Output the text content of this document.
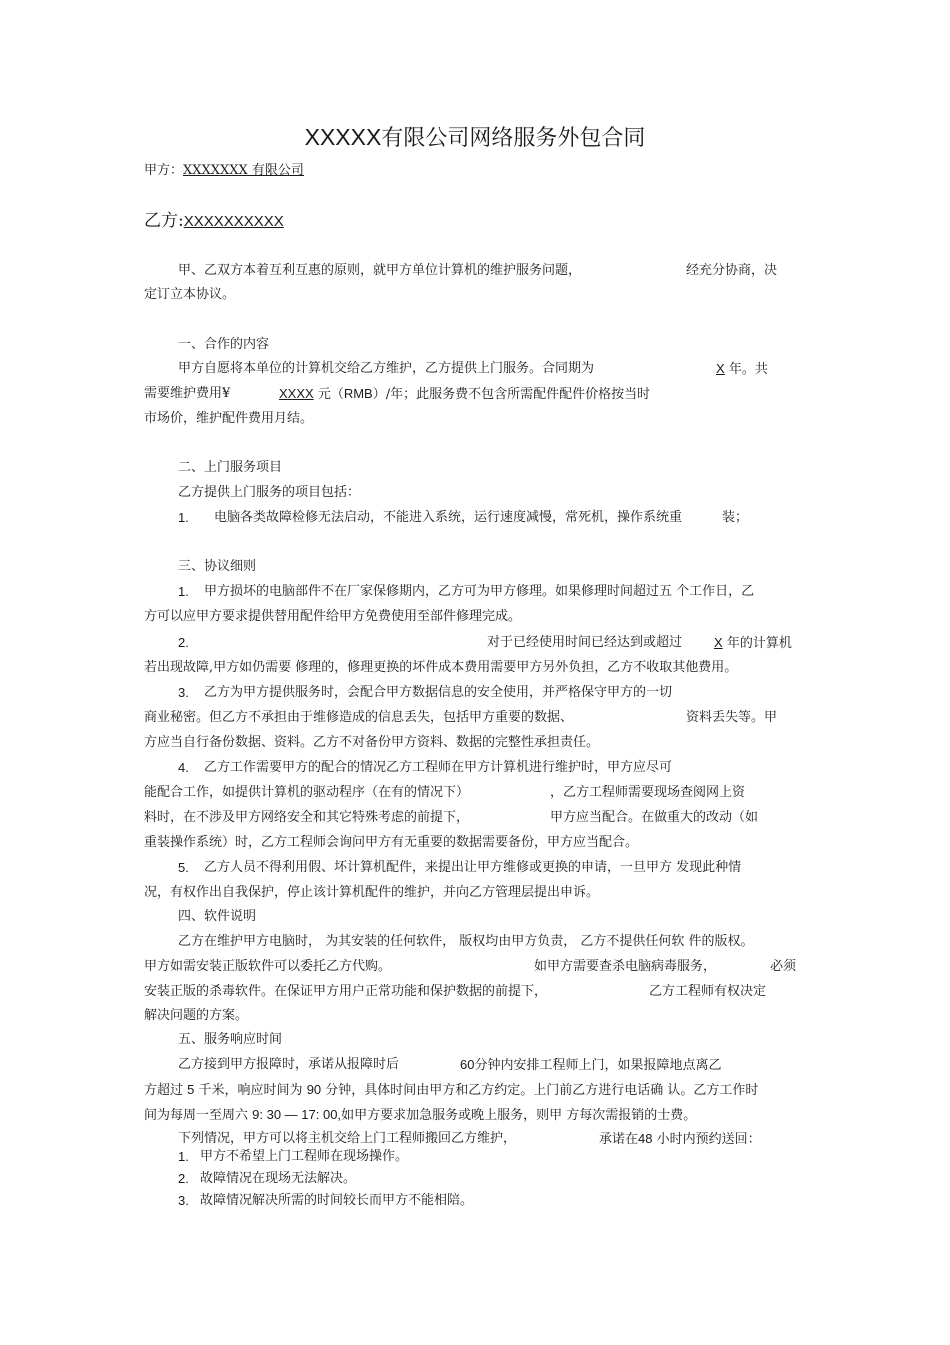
XXXXX有限公司网络服务外包合同
甲方：XXXXXXX 有限公司
乙方:XXXXXXXXXX
甲、乙双方本着互利互惠的原则，就甲方单位计算机的维护服务问题，	经充分协商，决
定订立本协议。
一、合作的内容
甲方自愿将本单位的计算机交给乙方维护，乙方提供上门服务。合同期为	X 年。共
需要维护费用¥	XXXX 元（RMB）/年；此服务费不包含所需配件配件价格按当时
市场价，维护配件费用月结。
二、上门服务项目
乙方提供上门服务的项目包括：
1. 电脑各类故障检修无法启动，不能进入系统，运行速度减慢，常死机，操作系统重	装；
三、协议细则
1. 甲方损坏的电脑部件不在厂家保修期内，乙方可为甲方修理。如果修理时间超过五 个工作日，乙
方可以应甲方要求提供替用配件给甲方免费使用至部件修理完成。
2.	对于已经使用时间已经达到或超过 X 年的计算机
若出现故障,甲方如仍需要 修理的，修理更换的坏件成本费用需要甲方另外负担，乙方不收取其他费用。
3. 乙方为甲方提供服务时，会配合甲方数据信息的安全使用，并严格保守甲方的一切
商业秘密。但乙方不承担由于维修造成的信息丢失，包括甲方重要的数据、	资料丢失等。甲
方应当自行备份数据、资料。乙方不对备份甲方资料、数据的完整性承担责任。
4. 乙方工作需要甲方的配合的情况乙方工程师在甲方计算机进行维护时，甲方应尽可
能配合工作，如提供计算机的驱动程序（在有的情况下）	，乙方工程师需要现场查阅网上资
料时，在不涉及甲方网络安全和其它特殊考虑的前提下，	甲方应当配合。在做重大的改动（如
重装操作系统）时，乙方工程师会询问甲方有无重要的数据需要备份，甲方应当配合。
5. 乙方人员不得利用假、坏计算机配件，来提出让甲方维修或更换的申请，一旦甲方 发现此种情
况，有权作出自我保护，停止该计算机配件的维护，并向乙方管理层提出申诉。
四、软件说明
乙方在维护甲方电脑时， 为其安装的任何软件， 版权均由甲方负责， 乙方不提供任何软 件的版权。
甲方如需安装正版软件可以委托乙方代购。	如甲方需要查杀电脑病毒服务，	必须
安装正版的杀毒软件。在保证甲方用户正常功能和保护数据的前提下，	乙方工程师有权决定
解决问题的方案。
五、服务响应时间
乙方接到甲方报障时，承诺从报障时后	60分钟内安排工程师上门，如果报障地点离乙
方超过 5 千米，响应时间为 90 分钟，具体时间由甲方和乙方约定。上门前乙方进行电话确 认。乙方工作时
间为每周一至周六 9: 30 — 17: 00,如甲方要求加急服务或晚上服务，则甲 方每次需报销的士费。
下列情况，甲方可以将主机交给上门工程师搬回乙方维护，	承诺在48 小时内预约送回：
1. 甲方不希望上门工程师在现场操作。
2. 故障情况在现场无法解决。
3. 故障情况解决所需的时间较长而甲方不能相陪。
